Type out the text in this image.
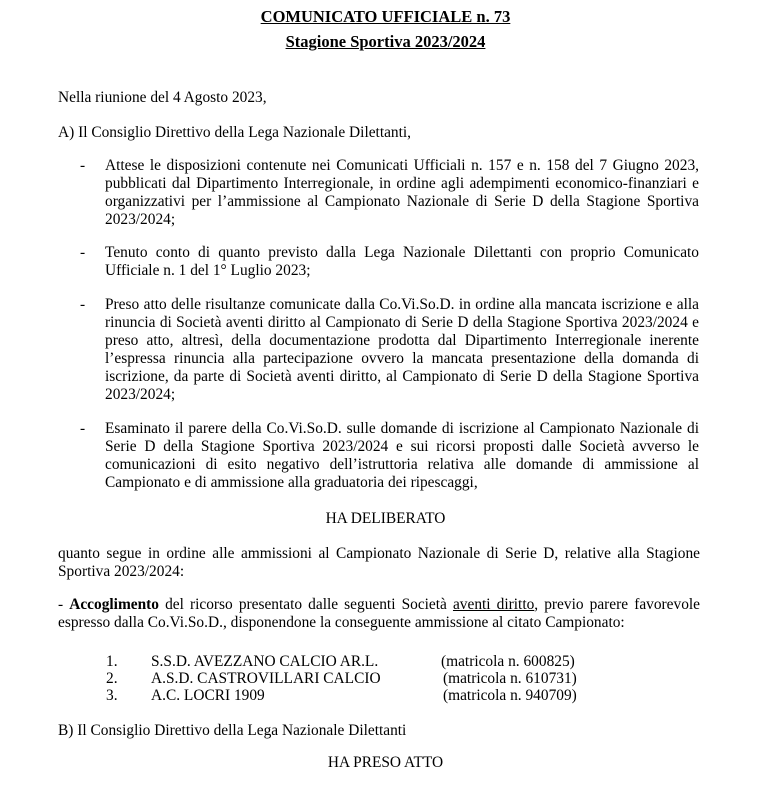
COMUNICATO UFFICIALE n. 73
Stagione Sportiva 2023/2024

Nella riunione del 4 Agosto 2023,

A) Il Consiglio Direttivo della Lega Nazionale Dilettanti,

- Attese le disposizioni contenute nei Comunicati Ufficiali n. 157 e n. 158 del 7 Giugno 2023, pubblicati dal Dipartimento Interregionale, in ordine agli adempimenti economico-finanziari e organizzativi per l’ammissione al Campionato Nazionale di Serie D della Stagione Sportiva 2023/2024;
- Tenuto conto di quanto previsto dalla Lega Nazionale Dilettanti con proprio Comunicato Ufficiale n. 1 del 1° Luglio 2023;
- Preso atto delle risultanze comunicate dalla Co.Vi.So.D. in ordine alla mancata iscrizione e alla rinuncia di Società aventi diritto al Campionato di Serie D della Stagione Sportiva 2023/2024 e preso atto, altresì, della documentazione prodotta dal Dipartimento Interregionale inerente l’espressa rinuncia alla partecipazione ovvero la mancata presentazione della domanda di iscrizione, da parte di Società aventi diritto, al Campionato di Serie D della Stagione Sportiva 2023/2024;
- Esaminato il parere della Co.Vi.So.D. sulle domande di iscrizione al Campionato Nazionale di Serie D della Stagione Sportiva 2023/2024 e sui ricorsi proposti dalle Società avverso le comunicazioni di esito negativo dell’istruttoria relativa alle domande di ammissione al Campionato e di ammissione alla graduatoria dei ripescaggi,
HA DELIBERATO
quanto segue in ordine alle ammissioni al Campionato Nazionale di Serie D, relative alla Stagione Sportiva 2023/2024:
- Accoglimento del ricorso presentato dalle seguenti Società aventi diritto, previo parere favorevole espresso dalla Co.Vi.So.D., disponendone la conseguente ammissione al citato Campionato:
1. S.S.D. AVEZZANO CALCIO AR.L.	(matricola n. 600825)
2. A.S.D. CASTROVILLARI CALCIO	(matricola n. 610731)
3. A.C. LOCRI 1909	(matricola n. 940709)

B) Il Consiglio Direttivo della Lega Nazionale Dilettanti

HA PRESO ATTO
